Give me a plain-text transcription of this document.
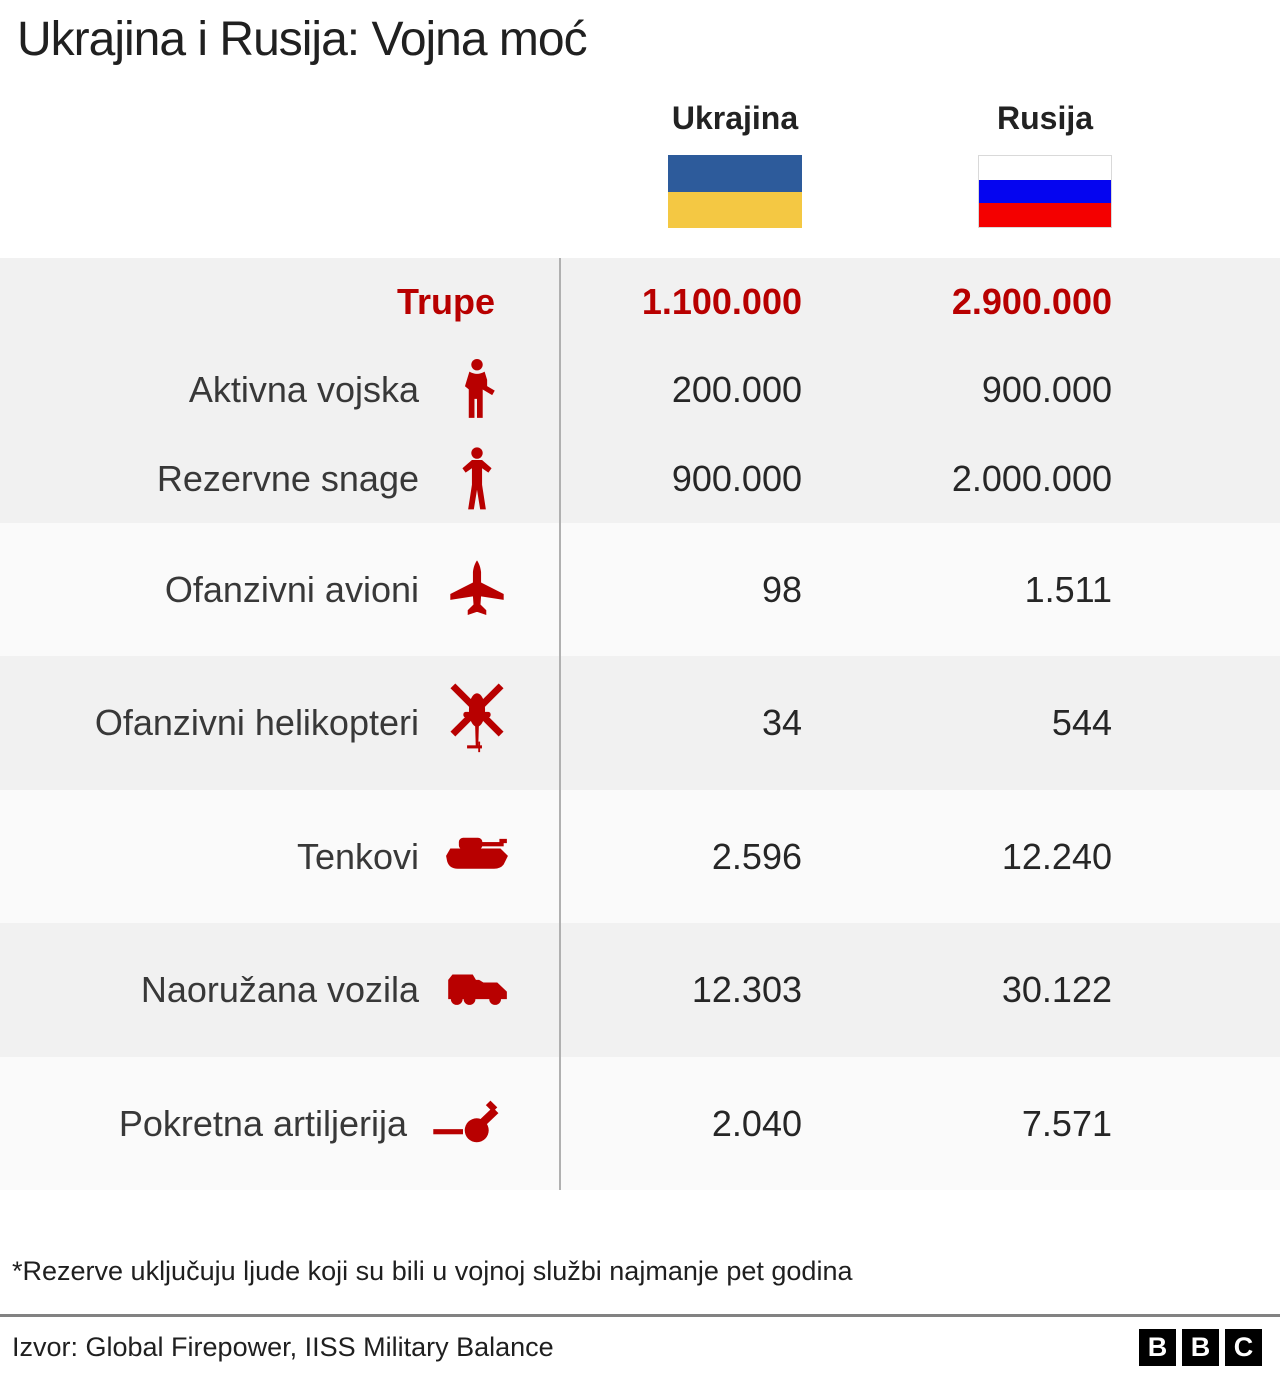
Ukrajina i Rusija: Vojna moć
Ukrajina	Rusija
Trupe	1.100.000	2.900.000
Aktivna vojska	200.000	900.000
Rezervne snage	900.000	2.000.000
Ofanzivni avioni	98	1.511
Ofanzivni helikopteri	34	544
Tenkovi	2.596	12.240
Naoružana vozila	12.303	30.122
Pokretna artiljerija	2.040	7.571
*Rezerve uključuju ljude koji su bili u vojnoj službi najmanje pet godina
Izvor: Global Firepower, IISS Military Balance	B B C
